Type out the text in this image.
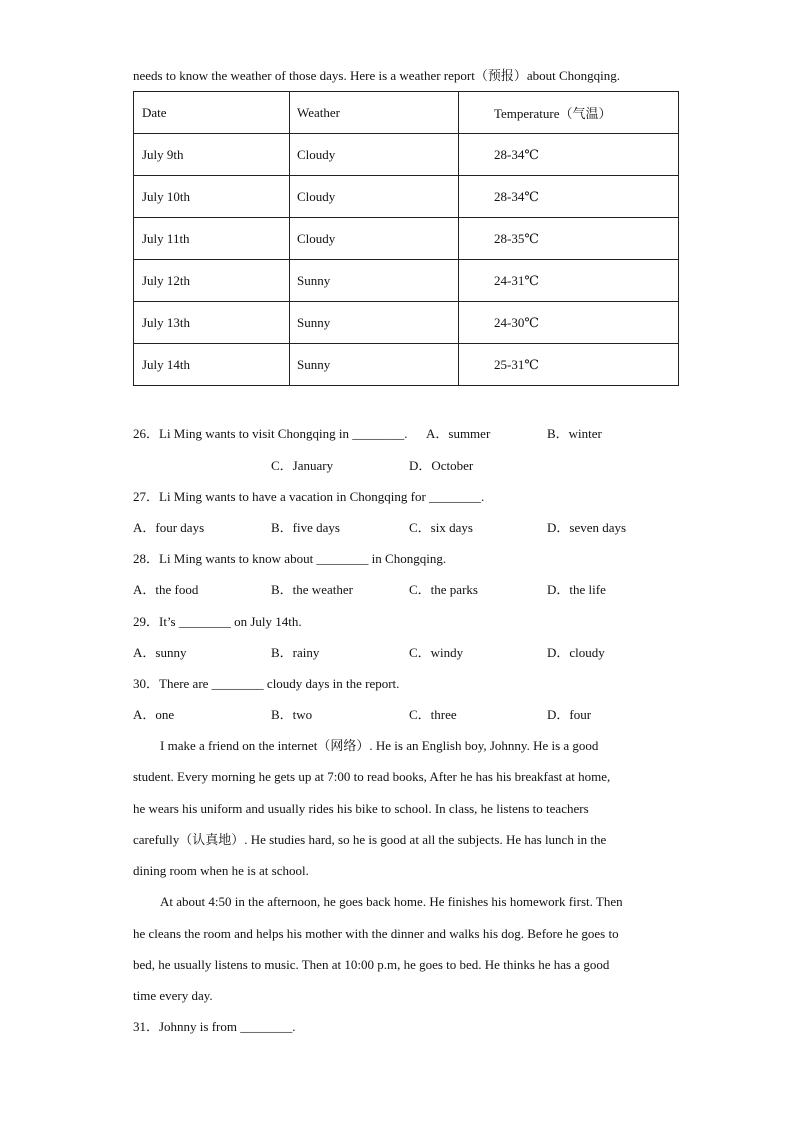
needs to know the weather of those days. Here is a weather report（预报）about Chongqing.
Date	Weather	Temperature（气温）
July 9th	Cloudy	28-34℃
July 10th	Cloudy	28-34℃
July 11th	Cloudy	28-35℃
July 12th	Sunny	24-31℃
July 13th	Sunny	24-30℃
July 14th	Sunny	25-31℃
26．Li Ming wants to visit Chongqing in ________. A．summer	B．winter
C．January	D．October
27．Li Ming wants to have a vacation in Chongqing for ________.
A．four days	B．five days	C．six days	D．seven days
28．Li Ming wants to know about ________ in Chongqing.
A．the food	B．the weather	C．the parks	D．the life
29．It’s ________ on July 14th.
A．sunny	B．rainy	C．windy	D．cloudy
30．There are ________ cloudy days in the report.
A．one	B．two	C．three	D．four
I make a friend on the internet（网络）. He is an English boy, Johnny. He is a good
student. Every morning he gets up at 7:00 to read books, After he has his breakfast at home,
he wears his uniform and usually rides his bike to school. In class, he listens to teachers
carefully（认真地）. He studies hard, so he is good at all the subjects. He has lunch in the
dining room when he is at school.
At about 4:50 in the afternoon, he goes back home. He finishes his homework first. Then
he cleans the room and helps his mother with the dinner and walks his dog. Before he goes to
bed, he usually listens to music. Then at 10:00 p.m, he goes to bed. He thinks he has a good
time every day.
31．Johnny is from ________.
